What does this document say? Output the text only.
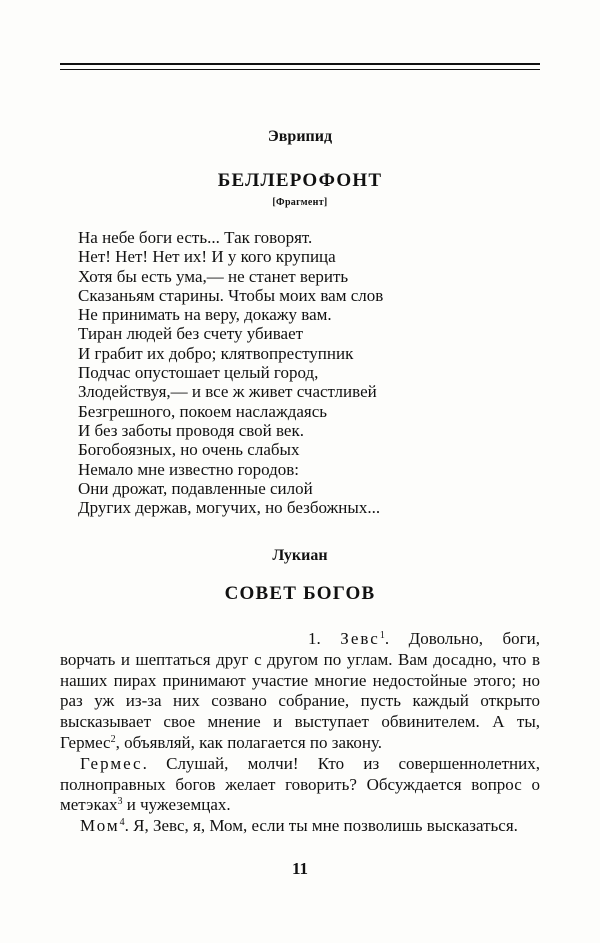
Эврипид
БЕЛЛЕРОФОНТ
[Фрагмент]
На небе боги есть... Так говорят.
Нет! Нет! Нет их! И у кого крупица
Хотя бы есть ума,— не станет верить
Сказаньям старины. Чтобы моих вам слов
Не принимать на веру, докажу вам.
Тиран людей без счету убивает
И грабит их добро; клятвопреступник
Подчас опустошает целый город,
Злодействуя,— и все ж живет счастливей
Безгрешного, покоем наслаждаясь
И без заботы проводя свой век.
Богобоязных, но очень слабых
Немало мне известно городов:
Они дрожат, подавленные силой
Других держав, могучих, но безбожных...
Лукиан
СОВЕТ БОГОВ

1. Зевс$^1$. Довольно, боги, ворчать и шептаться друг с другом по углам. Вам досадно, что в наших пирах принимают участие многие недостойные этого; но раз уж из-за них созвано собрание, пусть каждый открыто высказывает свое мнение и выступает обвинителем. А ты, Гермес$^2$, объявляй, как полагается по закону.

Гермес. Слушай, молчи! Кто из совершеннолетних, полноправных богов желает говорить? Обсуждается вопрос о метэках$^3$ и чужеземцах.

Мом$^4$. Я, Зевс, я, Мом, если ты мне позволишь высказаться.

11
